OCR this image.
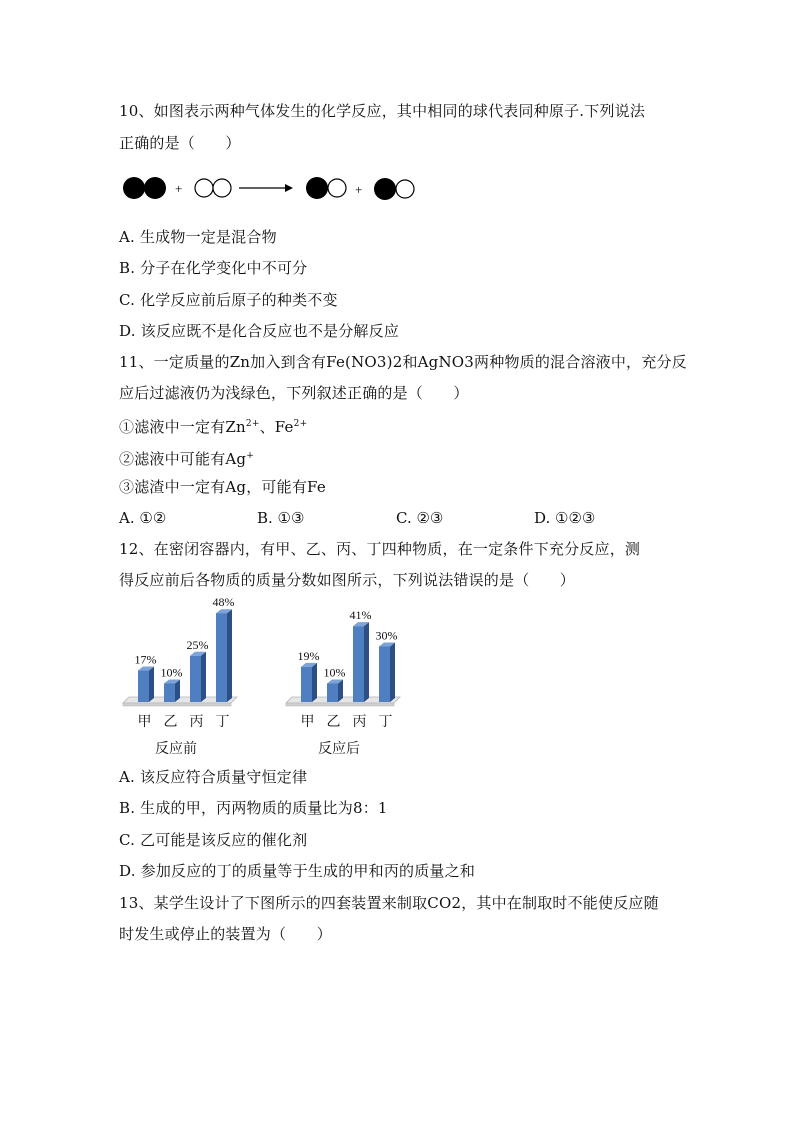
10、如图表示两种气体发生的化学反应，其中相同的球代表同种原子.下列说法
正确的是（　　）
+	+
A. 生成物一定是混合物
B. 分子在化学变化中不可分
C. 化学反应前后原子的种类不变
D. 该反应既不是化合反应也不是分解反应
11、一定质量的Zn加入到含有Fe(NO3)2和AgNO3两种物质的混合溶液中，充分反
应后过滤液仍为浅绿色，下列叙述正确的是（　　）
①滤液中一定有$Zn^{2+}$、$Fe^{2+}$
②滤液中可能有Ag+
③滤渣中一定有Ag，可能有Fe
A. ①②	B. ①③	C. ②③	D. ①②③
12、在密闭容器内，有甲、乙、丙、丁四种物质，在一定条件下充分反应，测
得反应前后各物质的质量分数如图所示，下列说法错误的是（　　）
17%
甲
10%
乙
25%
丙
48%
丁
反应前
19%
甲
10%
乙
41%
丙
30%
丁
反应后
A. 该反应符合质量守恒定律
B. 生成的甲，丙两物质的质量比为8：1
C. 乙可能是该反应的催化剂
D. 参加反应的丁的质量等于生成的甲和丙的质量之和
13、某学生设计了下图所示的四套装置来制取CO2，其中在制取时不能使反应随
时发生或停止的装置为（　　）
